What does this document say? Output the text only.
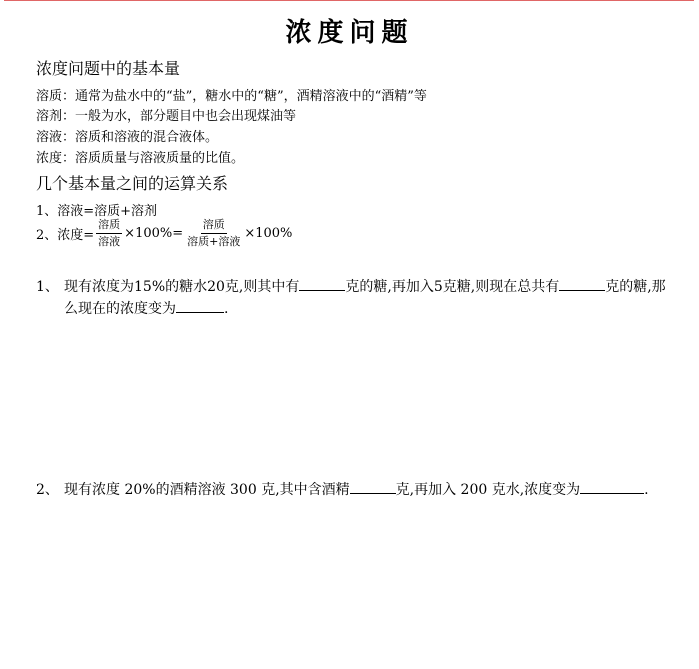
浓度问题
浓度问题中的基本量
溶质：通常为盐水中的“盐”，糖水中的“糖”，酒精溶液中的“酒精”等
溶剂：一般为水，部分题目中也会出现煤油等
溶液：溶质和溶液的混合液体。
浓度：溶质质量与溶液质量的比值。
几个基本量之间的运算关系
1、溶液=溶质+溶剂
2、浓度= $\frac{\text{溶质}}{\text{溶液}} \times 100\%= \frac{\text{溶质}}{\text{溶质+溶液}} \times 100\%$
1、 现有浓度为15%的糖水20克,则其中有	克的糖,再加入5克糖,则现在总共有	克的糖,那么现在的浓度变为	.
2、 现有浓度 20%的酒精溶液 300 克,其中含酒精	克,再加入 200 克水,浓度变为	.
